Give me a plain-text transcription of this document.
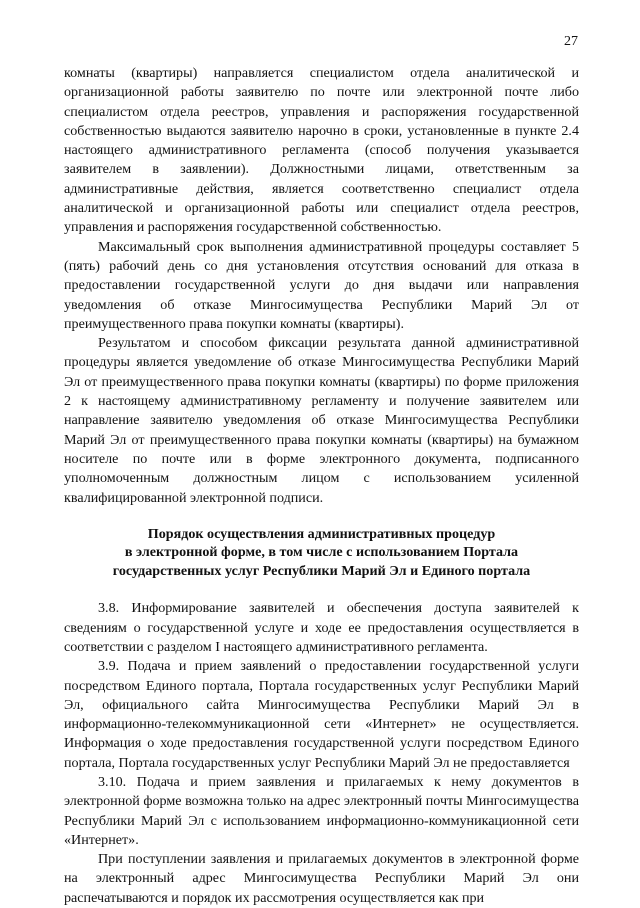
27

комнаты (квартиры) направляется специалистом отдела аналитической и организационной работы заявителю по почте или электронной почте либо специалистом отдела реестров, управления и распоряжения государственной собственностью выдаются заявителю нарочно в сроки, установленные в пункте 2.4 настоящего административного регламента (способ получения указывается заявителем в заявлении). Должностными лицами, ответственным за административные действия, является соответственно специалист отдела аналитической и организационной работы или специалист отдела реестров, управления и распоряжения государственной собственностью.

Максимальный срок выполнения административной процедуры составляет 5 (пять) рабочий день со дня установления отсутствия оснований для отказа в предоставлении государственной услуги до дня выдачи или направления уведомления об отказе Мингосимущества Республики Марий Эл от преимущественного права покупки комнаты (квартиры).

Результатом и способом фиксации результата данной административной процедуры является уведомление об отказе Мингосимущества Республики Марий Эл от преимущественного права покупки комнаты (квартиры) по форме приложения 2 к настоящему административному регламенту и получение заявителем или направление заявителю уведомления об отказе Мингосимущества Республики Марий Эл от преимущественного права покупки комнаты (квартиры) на бумажном носителе по почте или в форме электронного документа, подписанного уполномоченным должностным лицом с использованием усиленной квалифицированной электронной подписи.

Порядок осуществления административных процедур
в электронной форме, в том числе с использованием Портала
государственных услуг Республики Марий Эл и Единого портала

3.8. Информирование заявителей и обеспечения доступа заявителей к сведениям о государственной услуге и ходе ее предоставления осуществляется в соответствии с разделом I настоящего административного регламента.

3.9. Подача и прием заявлений о предоставлении государственной услуги посредством Единого портала, Портала государственных услуг Республики Марий Эл, официального сайта Мингосимущества Республики Марий Эл в информационно-телекоммуникационной сети «Интернет» не осуществляется. Информация о ходе предоставления государственной услуги посредством Единого портала, Портала государственных услуг Республики Марий Эл не предоставляется

3.10. Подача и прием заявления и прилагаемых к нему документов в электронной форме возможна только на адрес электронный почты Мингосимущества Республики Марий Эл с использованием информационно-коммуникационной сети «Интернет».

При поступлении заявления и прилагаемых документов в электронной форме на электронный адрес Мингосимущества Республики Марий Эл они распечатываются и порядок их рассмотрения осуществляется как при
